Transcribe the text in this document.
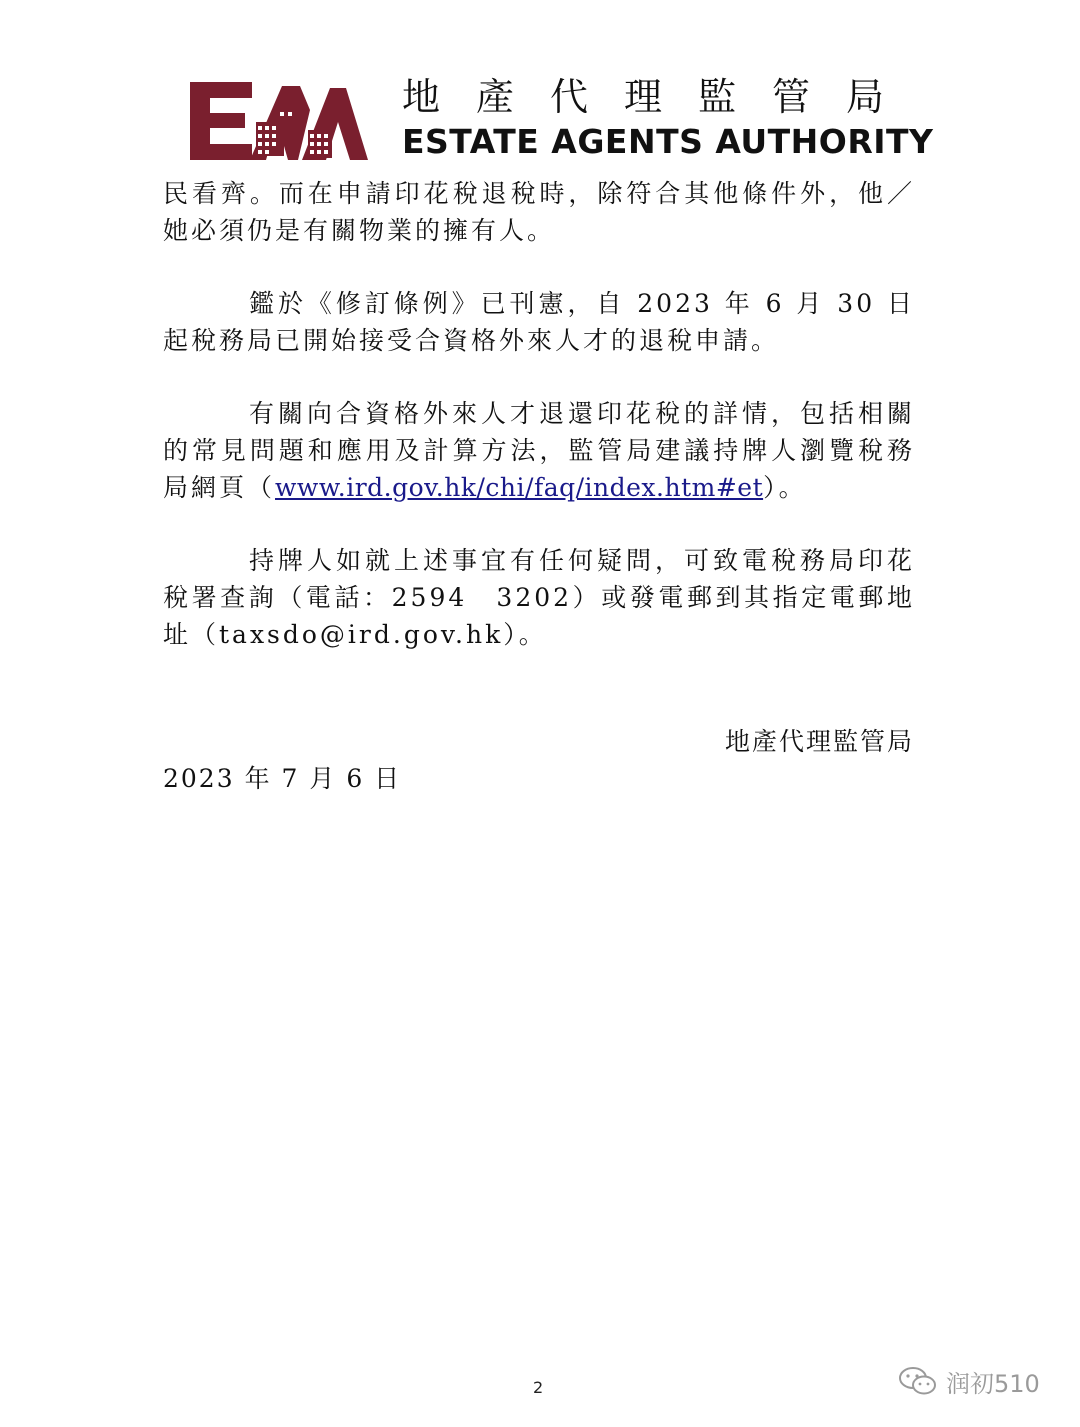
地產代理監管局
ESTATE AGENTS AUTHORITY

民看齊。而在申請印花稅退稅時，除符合其他條件外，他／她必須仍是有關物業的擁有人。

鑑於《修訂條例》已刊憲，自 2023 年 6 月 30 日起稅務局已開始接受合資格外來人才的退稅申請。

有關向合資格外來人才退還印花稅的詳情，包括相關的常見問題和應用及計算方法，監管局建議持牌人瀏覽稅務局網頁（www.ird.gov.hk/chi/faq/index.htm#et）。

持牌人如就上述事宜有任何疑問，可致電稅務局印花稅署查詢（電話：2594　3202）或發電郵到其指定電郵地址（taxsdo@ird.gov.hk）。

地產代理監管局
2023 年 7 月 6 日
2	润初510
